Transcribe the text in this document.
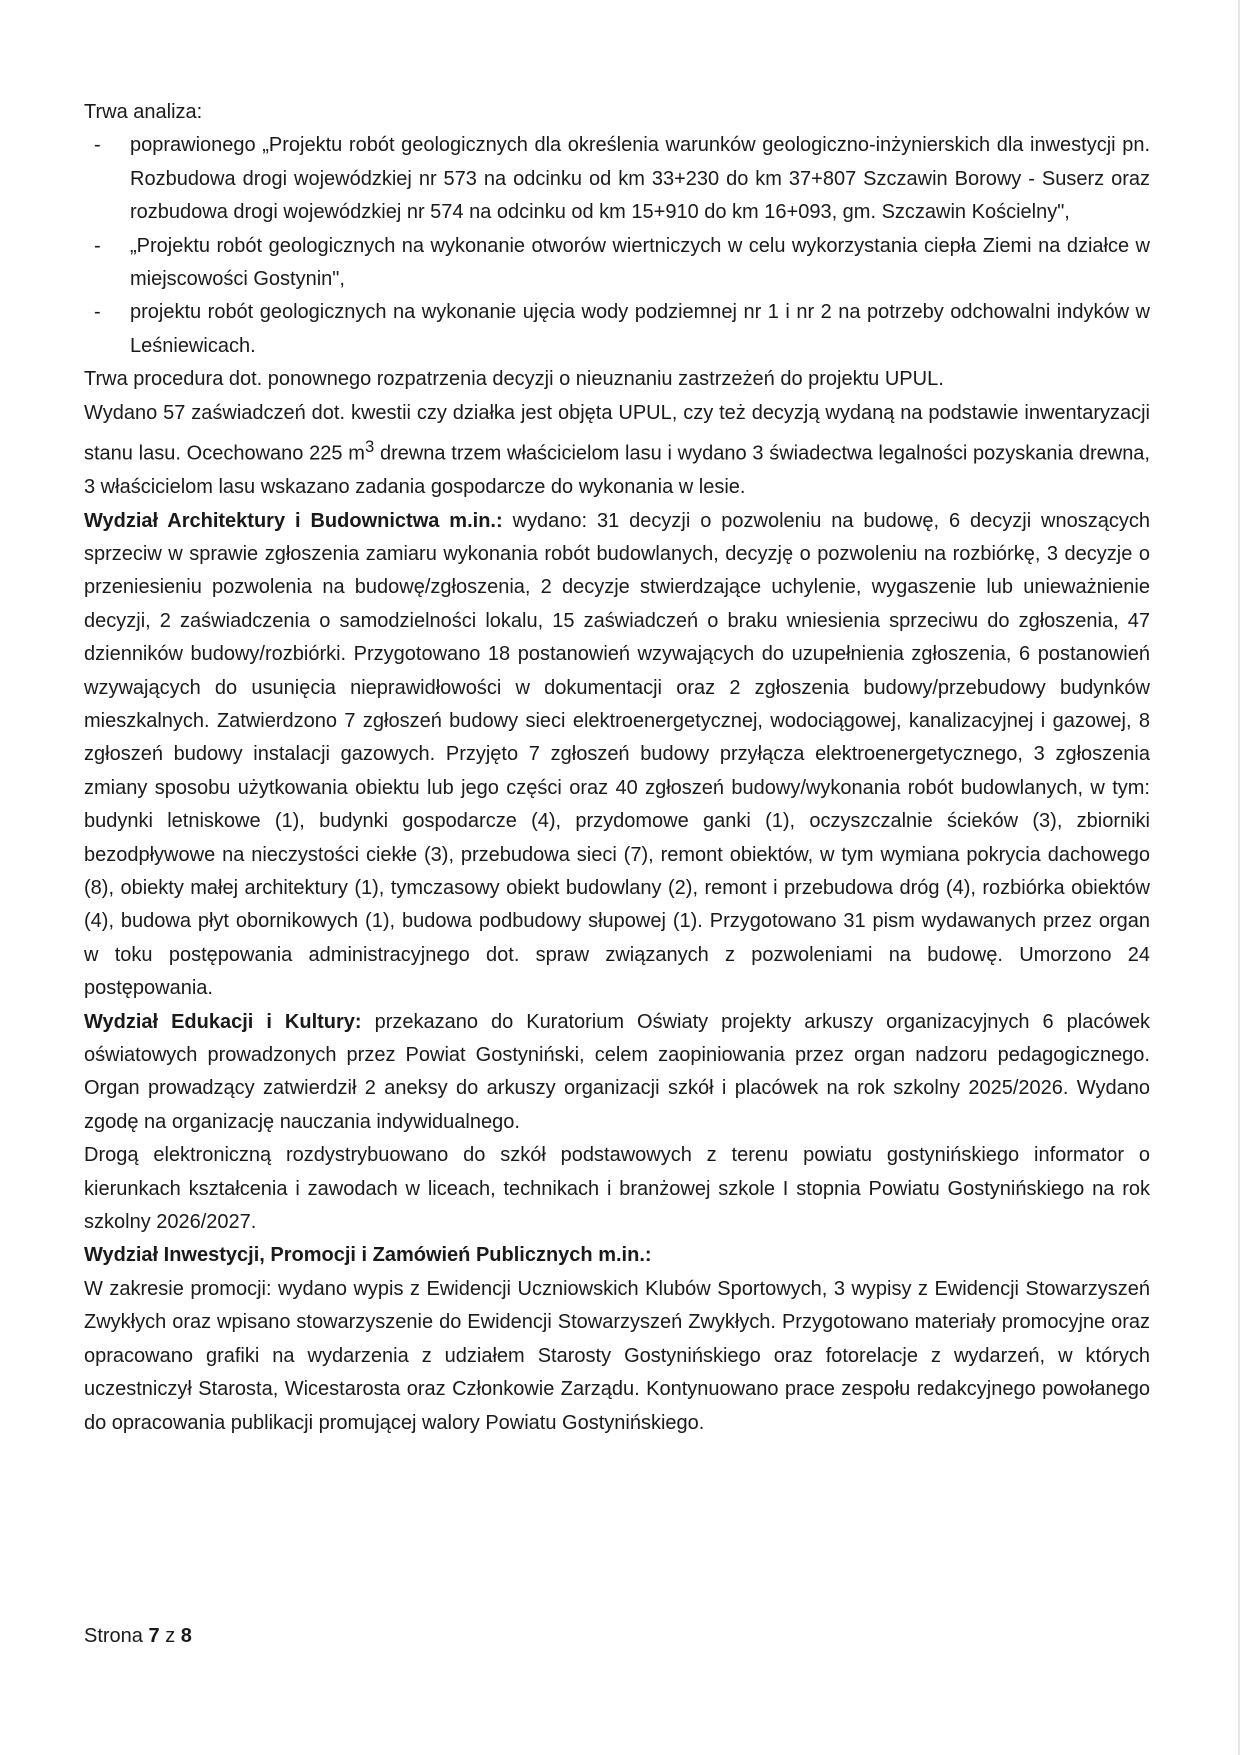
Trwa analiza:

- poprawionego „Projektu robót geologicznych dla określenia warunków geologiczno-inżynierskich dla inwestycji pn. Rozbudowa drogi wojewódzkiej nr 573 na odcinku od km 33+230 do km 37+807 Szczawin Borowy - Suserz oraz rozbudowa drogi wojewódzkiej nr 574 na odcinku od km 15+910 do km 16+093, gm. Szczawin Kościelny",
- „Projektu robót geologicznych na wykonanie otworów wiertniczych w celu wykorzystania ciepła Ziemi na działce w miejscowości Gostynin",
- projektu robót geologicznych na wykonanie ujęcia wody podziemnej nr 1 i nr 2 na potrzeby odchowalni indyków w Leśniewicach.

Trwa procedura dot. ponownego rozpatrzenia decyzji o nieuznaniu zastrzeżeń do projektu UPUL.

Wydano 57 zaświadczeń dot. kwestii czy działka jest objęta UPUL, czy też decyzją wydaną na podstawie inwentaryzacji stanu lasu. Ocechowano 225 $m^3$ drewna trzem właścicielom lasu i wydano 3 świadectwa legalności pozyskania drewna, 3 właścicielom lasu wskazano zadania gospodarcze do wykonania w lesie.

Wydział Architektury i Budownictwa m.in.: wydano: 31 decyzji o pozwoleniu na budowę, 6 decyzji wnoszących sprzeciw w sprawie zgłoszenia zamiaru wykonania robót budowlanych, decyzję o pozwoleniu na rozbiórkę, 3 decyzje o przeniesieniu pozwolenia na budowę/zgłoszenia, 2 decyzje stwierdzające uchylenie, wygaszenie lub unieważnienie decyzji, 2 zaświadczenia o samodzielności lokalu, 15 zaświadczeń o braku wniesienia sprzeciwu do zgłoszenia, 47 dzienników budowy/rozbiórki. Przygotowano 18 postanowień wzywających do uzupełnienia zgłoszenia, 6 postanowień wzywających do usunięcia nieprawidłowości w dokumentacji oraz 2 zgłoszenia budowy/przebudowy budynków mieszkalnych. Zatwierdzono 7 zgłoszeń budowy sieci elektroenergetycznej, wodociągowej, kanalizacyjnej i gazowej, 8 zgłoszeń budowy instalacji gazowych. Przyjęto 7 zgłoszeń budowy przyłącza elektroenergetycznego, 3 zgłoszenia zmiany sposobu użytkowania obiektu lub jego części oraz 40 zgłoszeń budowy/wykonania robót budowlanych, w tym: budynki letniskowe (1), budynki gospodarcze (4), przydomowe ganki (1), oczyszczalnie ścieków (3), zbiorniki bezodpływowe na nieczystości ciekłe (3), przebudowa sieci (7), remont obiektów, w tym wymiana pokrycia dachowego (8), obiekty małej architektury (1), tymczasowy obiekt budowlany (2), remont i przebudowa dróg (4), rozbiórka obiektów (4), budowa płyt obornikowych (1), budowa podbudowy słupowej (1). Przygotowano 31 pism wydawanych przez organ w toku postępowania administracyjnego dot. spraw związanych z pozwoleniami na budowę. Umorzono 24 postępowania.

Wydział Edukacji i Kultury: przekazano do Kuratorium Oświaty projekty arkuszy organizacyjnych 6 placówek oświatowych prowadzonych przez Powiat Gostyniński, celem zaopiniowania przez organ nadzoru pedagogicznego. Organ prowadzący zatwierdził 2 aneksy do arkuszy organizacji szkół i placówek na rok szkolny 2025/2026. Wydano zgodę na organizację nauczania indywidualnego.

Drogą elektroniczną rozdystrybuowano do szkół podstawowych z terenu powiatu gostynińskiego informator o kierunkach kształcenia i zawodach w liceach, technikach i branżowej szkole I stopnia Powiatu Gostynińskiego na rok szkolny 2026/2027.

Wydział Inwestycji, Promocji i Zamówień Publicznych m.in.:

W zakresie promocji: wydano wypis z Ewidencji Uczniowskich Klubów Sportowych, 3 wypisy z Ewidencji Stowarzyszeń Zwykłych oraz wpisano stowarzyszenie do Ewidencji Stowarzyszeń Zwykłych. Przygotowano materiały promocyjne oraz opracowano grafiki na wydarzenia z udziałem Starosty Gostynińskiego oraz fotorelacje z wydarzeń, w których uczestniczył Starosta, Wicestarosta oraz Członkowie Zarządu. Kontynuowano prace zespołu redakcyjnego powołanego do opracowania publikacji promującej walory Powiatu Gostynińskiego.

Strona 7 z 8
